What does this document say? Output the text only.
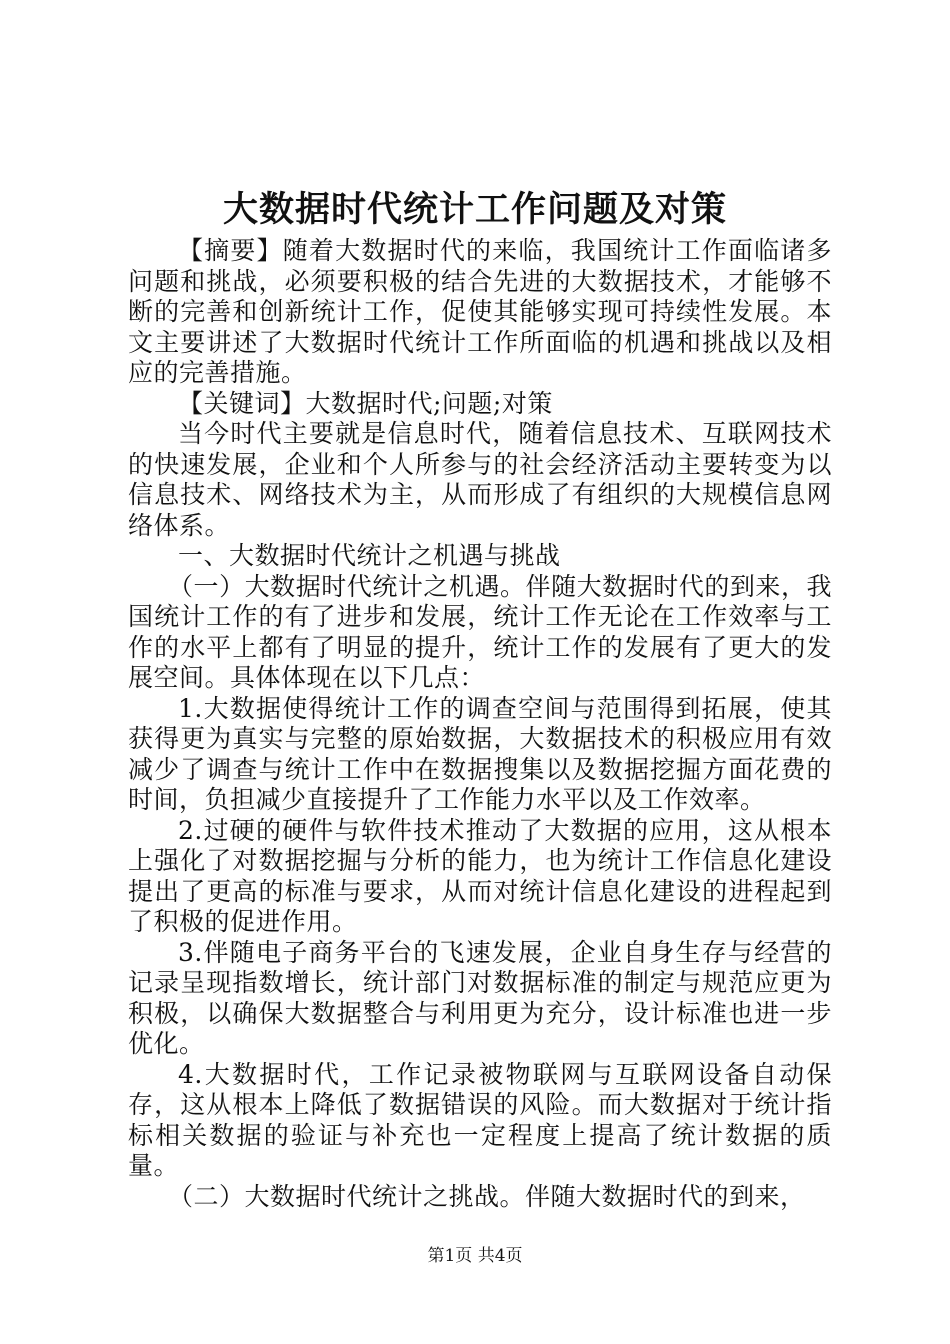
大数据时代统计工作问题及对策

【摘要】随着大数据时代的来临，我国统计工作面临诸多问题和挑战，必须要积极的结合先进的大数据技术，才能够不断的完善和创新统计工作，促使其能够实现可持续性发展。本文主要讲述了大数据时代统计工作所面临的机遇和挑战以及相应的完善措施。

【关键词】大数据时代;问题;对策

当今时代主要就是信息时代，随着信息技术、互联网技术的快速发展，企业和个人所参与的社会经济活动主要转变为以信息技术、网络技术为主，从而形成了有组织的大规模信息网络体系。

一、大数据时代统计之机遇与挑战

（一）大数据时代统计之机遇。伴随大数据时代的到来，我国统计工作的有了进步和发展，统计工作无论在工作效率与工作的水平上都有了明显的提升，统计工作的发展有了更大的发展空间。具体体现在以下几点：

1.大数据使得统计工作的调查空间与范围得到拓展，使其获得更为真实与完整的原始数据，大数据技术的积极应用有效减少了调查与统计工作中在数据搜集以及数据挖掘方面花费的时间，负担减少直接提升了工作能力水平以及工作效率。

2.过硬的硬件与软件技术推动了大数据的应用，这从根本上强化了对数据挖掘与分析的能力，也为统计工作信息化建设提出了更高的标准与要求，从而对统计信息化建设的进程起到了积极的促进作用。

3.伴随电子商务平台的飞速发展，企业自身生存与经营的记录呈现指数增长，统计部门对数据标准的制定与规范应更为积极，以确保大数据整合与利用更为充分，设计标准也进一步优化。

4.大数据时代，工作记录被物联网与互联网设备自动保存，这从根本上降低了数据错误的风险。而大数据对于统计指标相关数据的验证与补充也一定程度上提高了统计数据的质量。

（二）大数据时代统计之挑战。伴随大数据时代的到来，

第1页 共4页
